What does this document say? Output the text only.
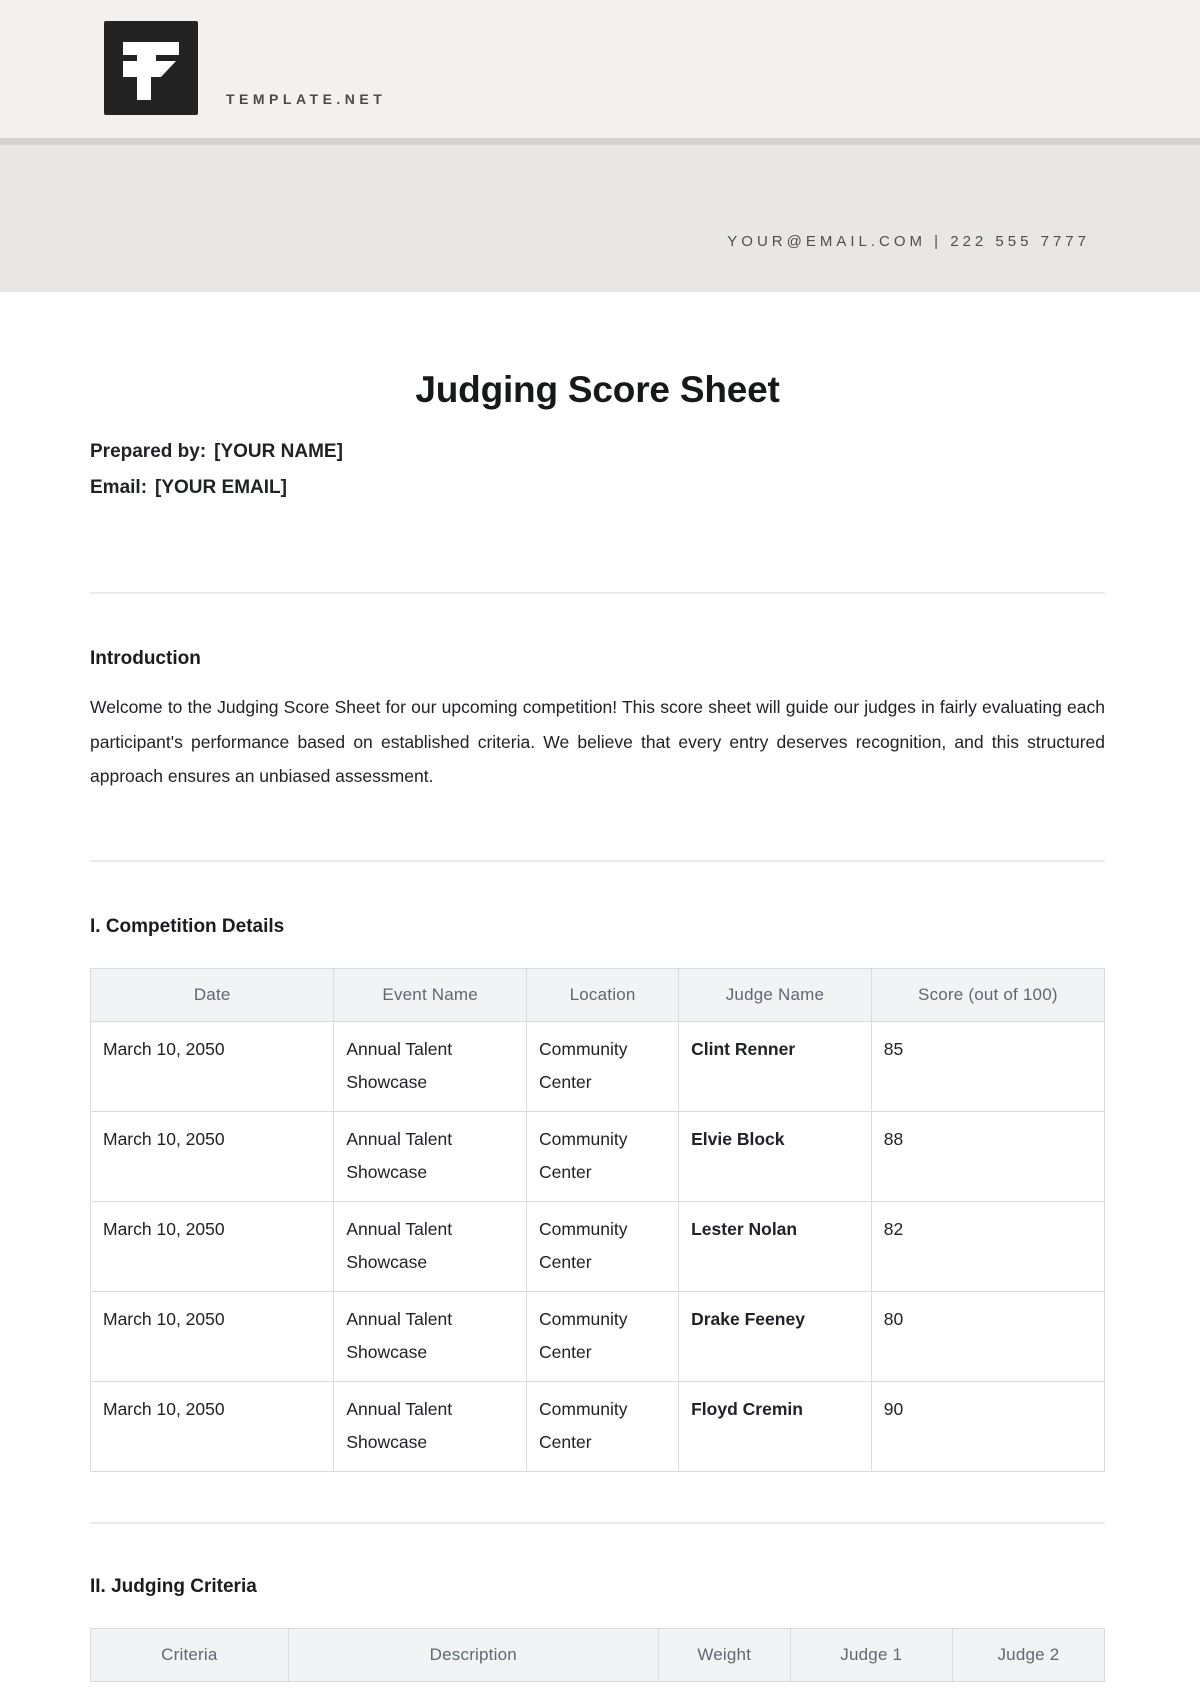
TEMPLATE.NET
YOUR@EMAIL.COM | 222 555 7777
Judging Score Sheet
Prepared by: [YOUR NAME]
Email: [YOUR EMAIL]
Introduction

Welcome to the Judging Score Sheet for our upcoming competition! This score sheet will guide our judges in fairly evaluating each participant's performance based on established criteria. We believe that every entry deserves recognition, and this structured approach ensures an unbiased assessment.

I. Competition Details
Date	Event Name	Location	Judge Name	Score (out of 100)
March 10, 2050	Annual Talent Showcase	Community Center	Clint Renner	85
March 10, 2050	Annual Talent Showcase	Community Center	Elvie Block	88
March 10, 2050	Annual Talent Showcase	Community Center	Lester Nolan	82
March 10, 2050	Annual Talent Showcase	Community Center	Drake Feeney	80
March 10, 2050	Annual Talent Showcase	Community Center	Floyd Cremin	90
II. Judging Criteria
Criteria	Description	Weight	Judge 1	Judge 2
